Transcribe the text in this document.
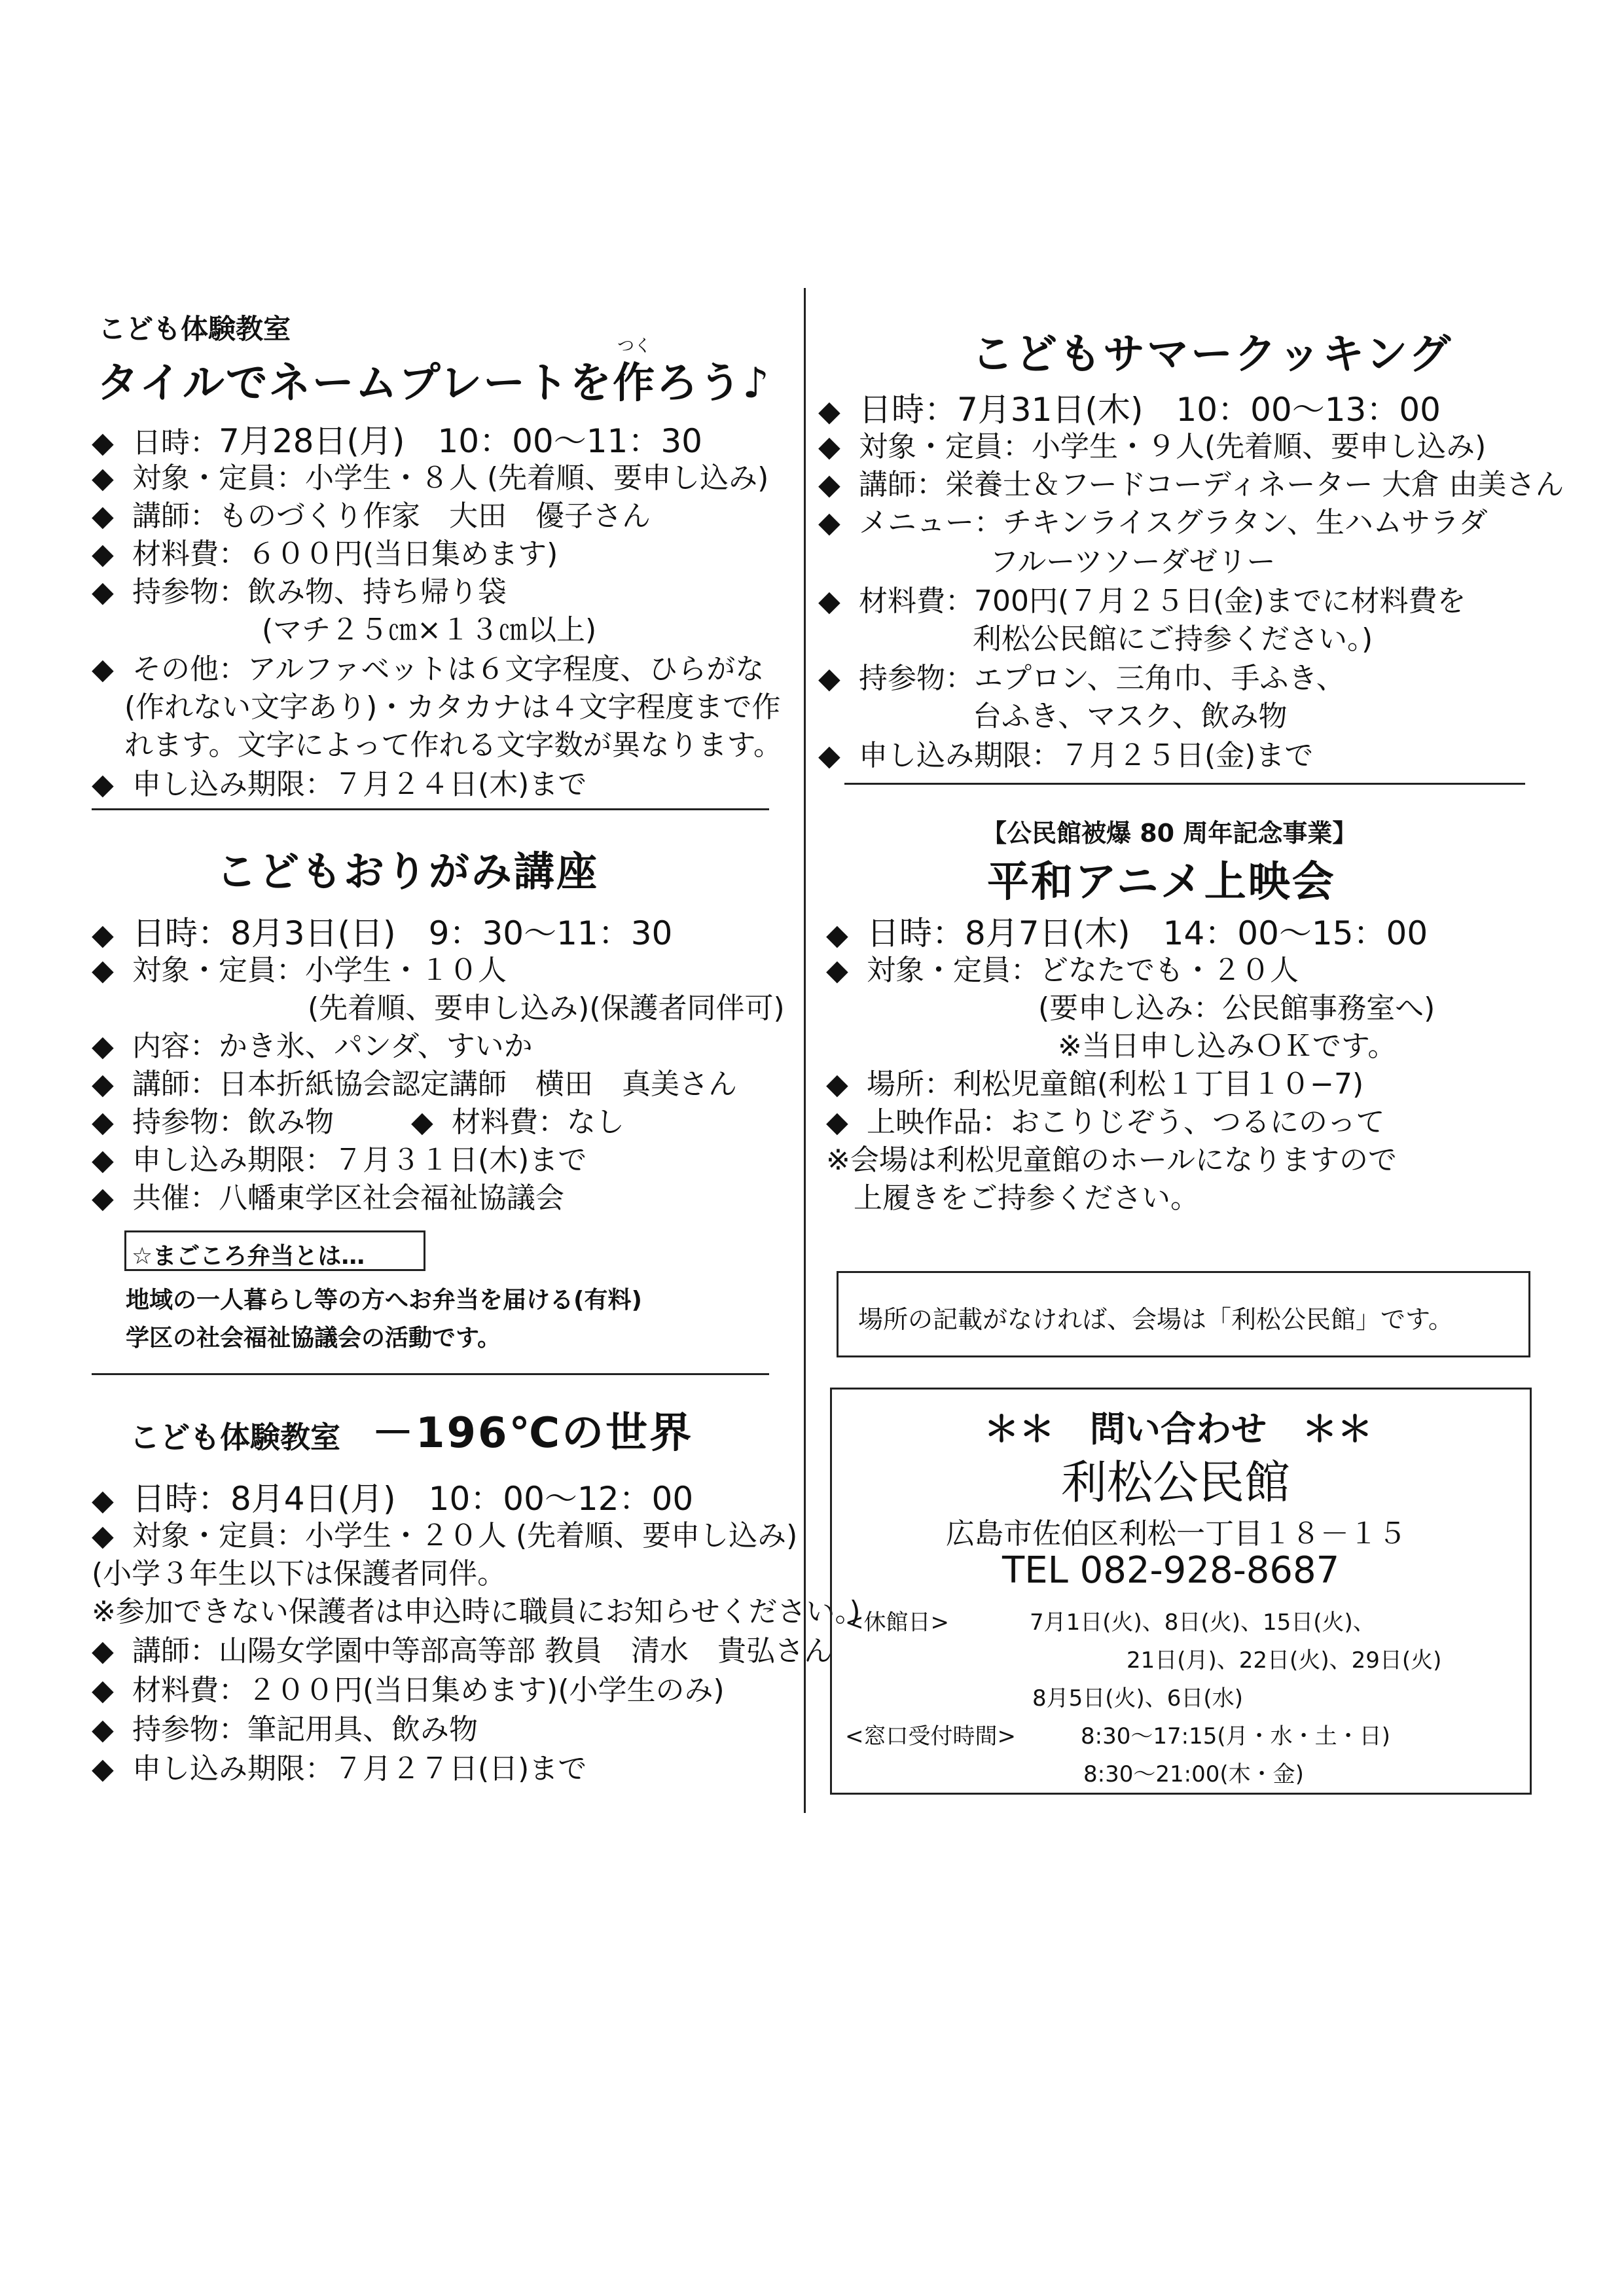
こども体験教室
つく
タイルでネームプレートを作ろう♪
◆ 日時：7月28日(月)　10：00～11：30
◆ 対象・定員：小学生・８人 (先着順、要申し込み)
◆ 講師：ものづくり作家　大田　優子さん
◆ 材料費：６００円(当日集めます)
◆ 持参物：飲み物、持ち帰り袋
(マチ２５㎝×１３㎝以上)
◆ その他：アルファベットは６文字程度、ひらがな
(作れない文字あり)・カタカナは４文字程度まで作
れます。文字によって作れる文字数が異なります。
◆ 申し込み期限：７月２４日(木)まで
こどもおりがみ講座
◆ 日時：8月3日(日)　9：30～11：30
◆ 対象・定員：小学生・１０人
(先着順、要申し込み)(保護者同伴可)
◆ 内容：かき氷、パンダ、すいか
◆ 講師：日本折紙協会認定講師　横田　真美さん
◆ 持参物：飲み物	◆ 材料費：なし
◆ 申し込み期限：７月３１日(木)まで
◆ 共催：八幡東学区社会福祉協議会
☆まごころ弁当とは…
地域の一人暮らし等の方へお弁当を届ける(有料)
学区の社会福祉協議会の活動です。
こども体験教室 －196℃の世界
◆ 日時：8月4日(月)　10：00～12：00
◆ 対象・定員：小学生・２０人 (先着順、要申し込み)
(小学３年生以下は保護者同伴。
※参加できない保護者は申込時に職員にお知らせください。)
◆ 講師：山陽女学園中等部高等部 教員　清水　貴弘さん
◆ 材料費：２００円(当日集めます)(小学生のみ)
◆ 持参物：筆記用具、飲み物
◆ 申し込み期限：７月２７日(日)まで
こどもサマークッキング
◆ 日時：7月31日(木)　10：00～13：00
◆ 対象・定員：小学生・９人(先着順、要申し込み)
◆ 講師：栄養士＆フードコーディネーター 大倉 由美さん
◆ メニュー：チキンライスグラタン、生ハムサラダ
フルーツソーダゼリー
◆ 材料費：700円(７月２５日(金)までに材料費を
利松公民館にご持参ください。)
◆ 持参物：エプロン、三角巾、手ふき、
台ふき、マスク、飲み物
◆ 申し込み期限：７月２５日(金)まで
【公民館被爆 80 周年記念事業】
平和アニメ上映会
◆ 日時：8月7日(木)　14：00～15：00
◆ 対象・定員：どなたでも・２０人
(要申し込み：公民館事務室へ)
※当日申し込みＯＫです。
◆ 場所：利松児童館(利松１丁目１０−7)
◆ 上映作品：おこりじぞう、つるにのって
※会場は利松児童館のホールになりますので
上履きをご持参ください。
場所の記載がなければ、会場は「利松公民館」です。
＊＊　問い合わせ　＊＊
利松公民館
広島市佐伯区利松一丁目１８－１５
TEL 082-928-8687
<休館日>	7月1日(火)、8日(火)、15日(火)、
21日(月)、22日(火)、29日(火)
8月5日(火)、6日(水)
<窓口受付時間>	8:30～17:15(月・水・土・日)
8:30～21:00(木・金)
